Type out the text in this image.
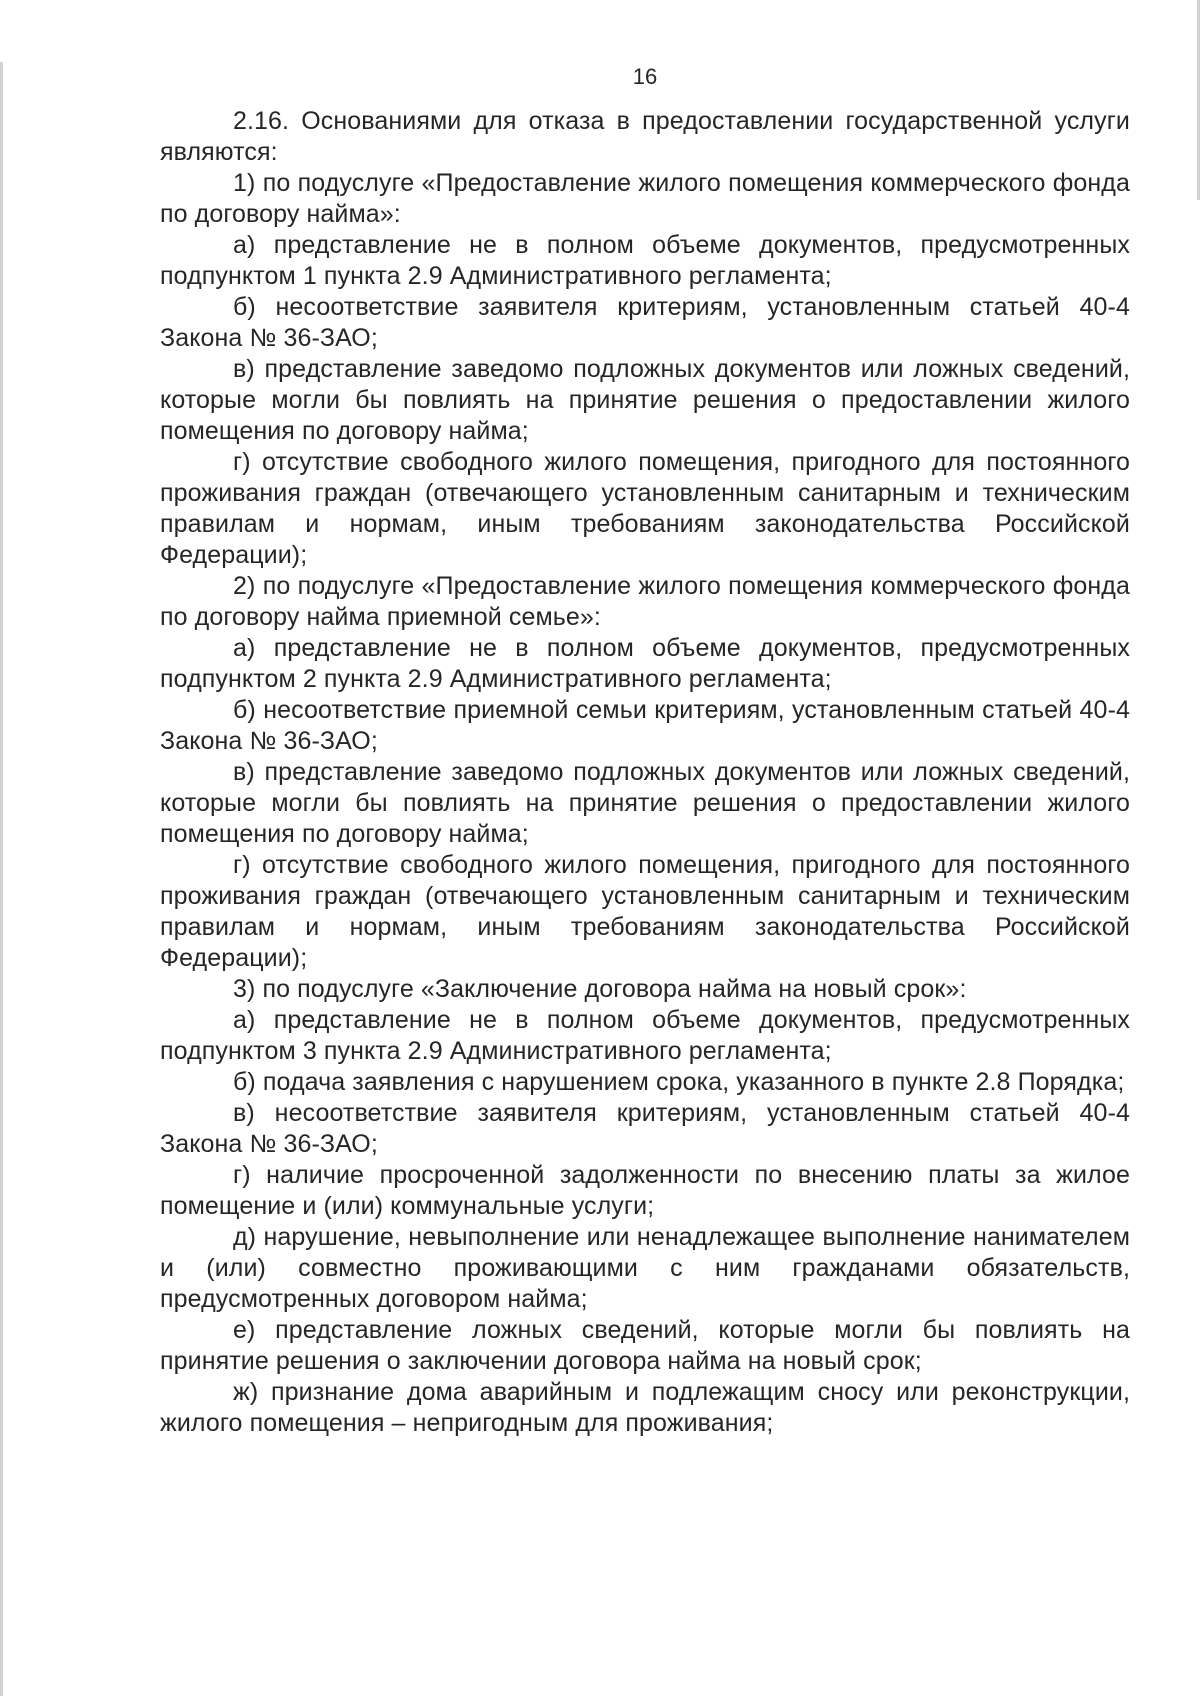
16

2.16. Основаниями для отказа в предоставлении государственной услуги являются:

1) по подуслуге «Предоставление жилого помещения коммерческого фонда по договору найма»:

а) представление не в полном объеме документов, предусмотренных подпунктом 1 пункта 2.9 Административного регламента;

б) несоответствие заявителя критериям, установленным статьей 40-4 Закона № 36-ЗАО;

в) представление заведомо подложных документов или ложных сведений, которые могли бы повлиять на принятие решения о предоставлении жилого помещения по договору найма;

г) отсутствие свободного жилого помещения, пригодного для постоянного проживания граждан (отвечающего установленным санитарным и техническим правилам и нормам, иным требованиям законодательства Российской Федерации);

2) по подуслуге «Предоставление жилого помещения коммерческого фонда по договору найма приемной семье»:

а) представление не в полном объеме документов, предусмотренных подпунктом 2 пункта 2.9 Административного регламента;

б) несоответствие приемной семьи критериям, установленным статьей 40-4 Закона № 36-ЗАО;

в) представление заведомо подложных документов или ложных сведений, которые могли бы повлиять на принятие решения о предоставлении жилого помещения по договору найма;

г) отсутствие свободного жилого помещения, пригодного для постоянного проживания граждан (отвечающего установленным санитарным и техническим правилам и нормам, иным требованиям законодательства Российской Федерации);

3) по подуслуге «Заключение договора найма на новый срок»:

а) представление не в полном объеме документов, предусмотренных подпунктом 3 пункта 2.9 Административного регламента;

б) подача заявления с нарушением срока, указанного в пункте 2.8 Порядка;

в) несоответствие заявителя критериям, установленным статьей 40-4 Закона № 36-ЗАО;

г) наличие просроченной задолженности по внесению платы за жилое помещение и (или) коммунальные услуги;

д) нарушение, невыполнение или ненадлежащее выполнение нанимателем и (или) совместно проживающими с ним гражданами обязательств, предусмотренных договором найма;

е) представление ложных сведений, которые могли бы повлиять на принятие решения о заключении договора найма на новый срок;

ж) признание дома аварийным и подлежащим сносу или реконструкции, жилого помещения – непригодным для проживания;
